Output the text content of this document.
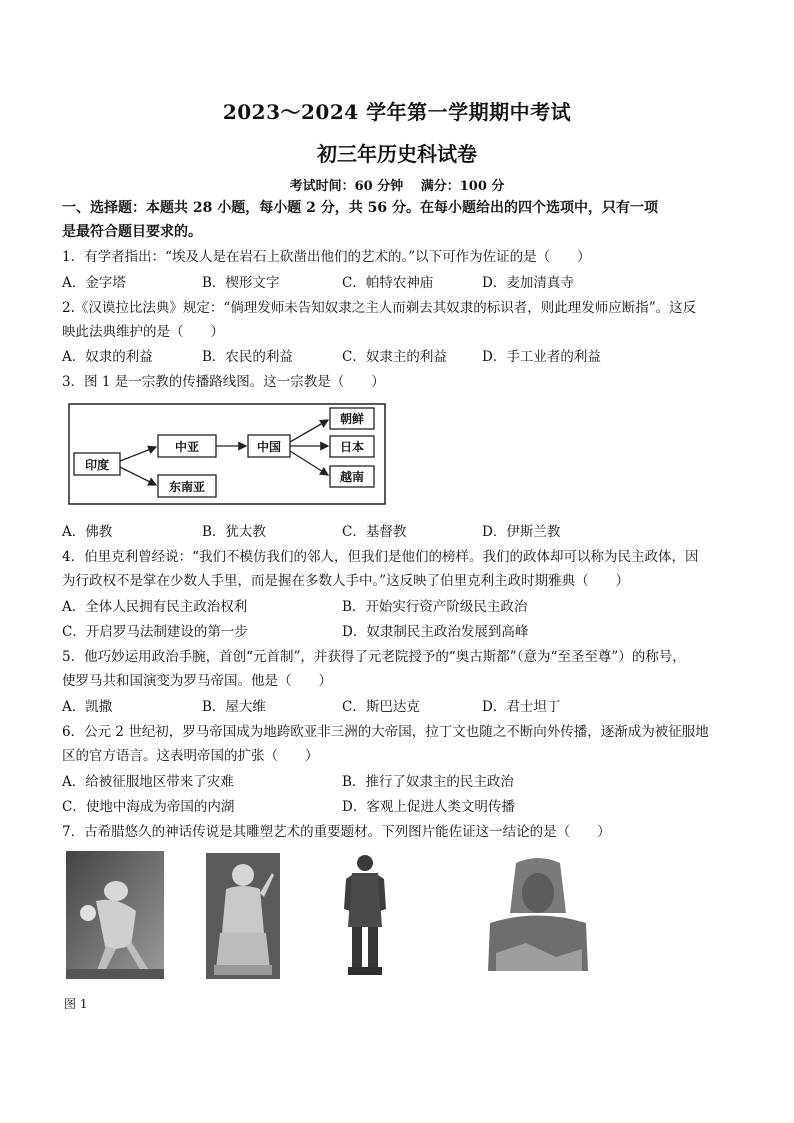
2023～2024 学年第一学期期中考试
初三年历史科试卷
考试时间：60 分钟　 满分：100 分
一、选择题：本题共 28 小题，每小题 2 分，共 56 分。在每小题给出的四个选项中，只有一项
是最符合题目要求的。
1．有学者指出：“埃及人是在岩石上砍凿出他们的艺术的。”以下可作为佐证的是（　　）
A．金字塔	B．楔形文字	C．帕特农神庙	D．麦加清真寺
2.《汉谟拉比法典》规定：“倘理发师未告知奴隶之主人而剃去其奴隶的标识者，则此理发师应断指”。这反
映此法典维护的是（　　）
A．奴隶的利益	B．农民的利益	C．奴隶主的利益	D．手工业者的利益
3．图 1 是一宗教的传播路线图。这一宗教是（　　）
印度
中亚
东南亚
中国
朝鲜
日本
越南
A．佛教	B．犹太教	C．基督教	D．伊斯兰教
4．伯里克利曾经说：“我们不模仿我们的邻人，但我们是他们的榜样。我们的政体却可以称为民主政体，因
为行政权不是掌在少数人手里，而是握在多数人手中。”这反映了伯里克利主政时期雅典（　　）
A．全体人民拥有民主政治权利	B．开始实行资产阶级民主政治
C．开启罗马法制建设的第一步	D．奴隶制民主政治发展到高峰
5．他巧妙运用政治手腕，首创“元首制”，并获得了元老院授予的“奥古斯都”（意为“至圣至尊”）的称号，
使罗马共和国演变为罗马帝国。他是（　　）
A．凯撒	B．屋大维	C．斯巴达克	D．君士坦丁
6．公元 2 世纪初，罗马帝国成为地跨欧亚非三洲的大帝国，拉丁文也随之不断向外传播，逐渐成为被征服地
区的官方语言。这表明帝国的扩张（　　）
A．给被征服地区带来了灾难	B．推行了奴隶主的民主政治
C．使地中海成为帝国的内湖	D．客观上促进人类文明传播
7．古希腊悠久的神话传说是其雕塑艺术的重要题材。下列图片能佐证这一结论的是（　　）
图 1
